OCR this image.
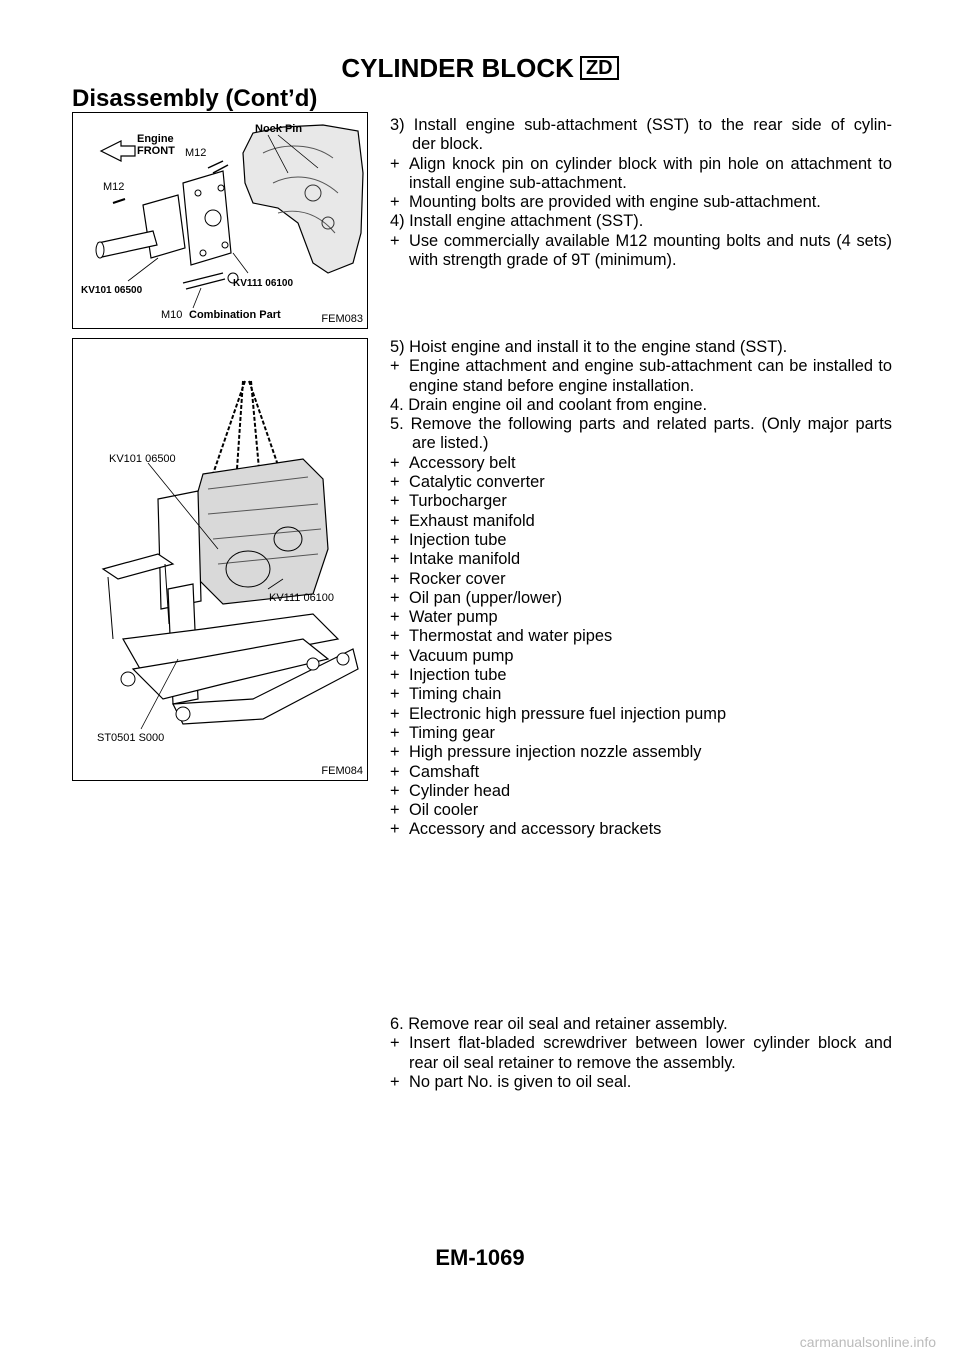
CYLINDER BLOCK ZD
Disassembly (Cont’d)
Engine
FRONT
Nock Pin
M12
M12
KV101 06500
KV111 06100
M10 Combination Part	FEM083
KV101 06500
KV111 06100
ST0501 S000
FEM084

3) Install engine sub-attachment (SST) to the rear side of cylin-

der block.

+ Align knock pin on cylinder block with pin hole on attachment to install engine sub-attachment.
+ Mounting bolts are provided with engine sub-attachment.

4) Install engine attachment (SST).

+ Use commercially available M12 mounting bolts and nuts (4 sets) with strength grade of 9T (minimum).

5) Hoist engine and install it to the engine stand (SST).

+ Engine attachment and engine sub-attachment can be installed to engine stand before engine installation.

4. Drain engine oil and coolant from engine.

5. Remove the following parts and related parts. (Only major parts are listed.)
+ Accessory belt
+ Catalytic converter
+ Turbocharger
+ Exhaust manifold
+ Injection tube
+ Intake manifold
+ Rocker cover
+ Oil pan (upper/lower)
+ Water pump
+ Thermostat and water pipes
+ Vacuum pump
+ Injection tube
+ Timing chain
+ Electronic high pressure fuel injection pump
+ Timing gear
+ High pressure injection nozzle assembly
+ Camshaft
+ Cylinder head
+ Oil cooler
+ Accessory and accessory brackets

6. Remove rear oil seal and retainer assembly.

+ Insert flat-bladed screwdriver between lower cylinder block and rear oil seal retainer to remove the assembly.
+ No part No. is given to oil seal.
EM-1069
carmanualsonline.info
